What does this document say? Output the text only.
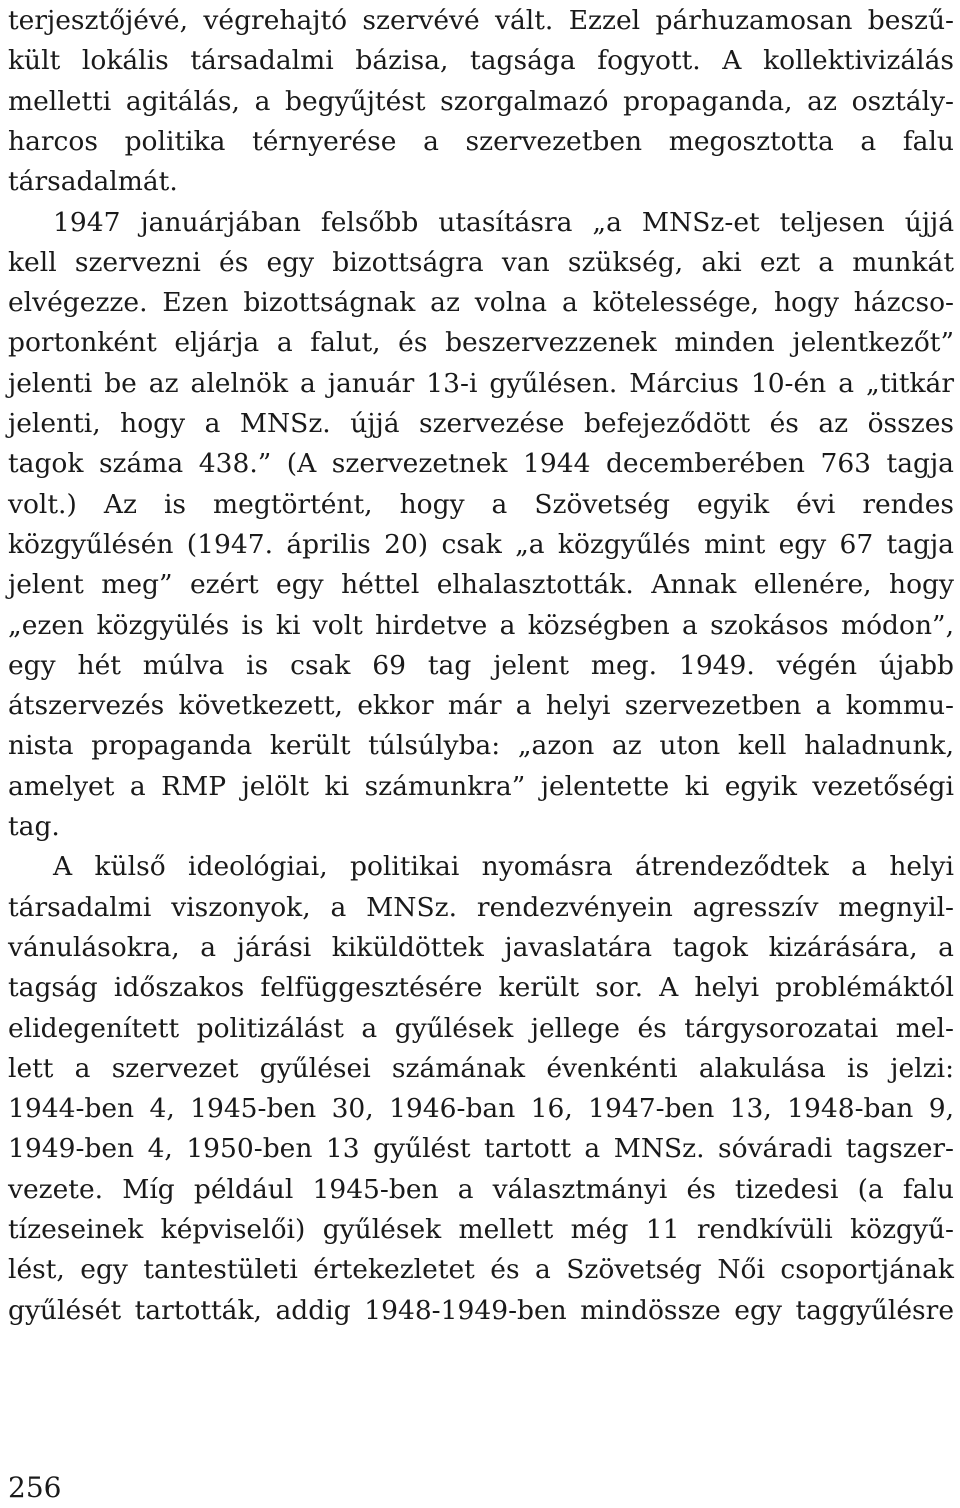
terjesztőjévé, végrehajtó szervévé vált. Ezzel párhuzamosan beszű-
kült lokális társadalmi bázisa, tagsága fogyott. A kollektivizálás
melletti agitálás, a begyűjtést szorgalmazó propaganda, az osztály-
harcos politika térnyerése a szervezetben megosztotta a falu
társadalmát.
1947 januárjában felsőbb utasításra „a MNSz-et teljesen újjá
kell szervezni és egy bizottságra van szükség, aki ezt a munkát
elvégezze. Ezen bizottságnak az volna a kötelessége, hogy házcso-
portonként eljárja a falut, és beszervezzenek minden jelentkezőt”
jelenti be az alelnök a január 13-i gyűlésen. Március 10-én a „titkár
jelenti, hogy a MNSz. újjá szervezése befejeződött és az összes
tagok száma 438.” (A szervezetnek 1944 decemberében 763 tagja
volt.) Az is megtörtént, hogy a Szövetség egyik évi rendes
közgyűlésén (1947. április 20) csak „a közgyűlés mint egy 67 tagja
jelent meg” ezért egy héttel elhalasztották. Annak ellenére, hogy
„ezen közgyülés is ki volt hirdetve a községben a szokásos módon”,
egy hét múlva is csak 69 tag jelent meg. 1949. végén újabb
átszervezés következett, ekkor már a helyi szervezetben a kommu-
nista propaganda került túlsúlyba: „azon az uton kell haladnunk,
amelyet a RMP jelölt ki számunkra” jelentette ki egyik vezetőségi
tag.
A külső ideológiai, politikai nyomásra átrendeződtek a helyi
társadalmi viszonyok, a MNSz. rendezvényein agresszív megnyil-
vánulásokra, a járási kiküldöttek javaslatára tagok kizárására, a
tagság időszakos felfüggesztésére került sor. A helyi problémáktól
elidegenített politizálást a gyűlések jellege és tárgysorozatai mel-
lett a szervezet gyűlései számának évenkénti alakulása is jelzi:
1944-ben 4, 1945-ben 30, 1946-ban 16, 1947-ben 13, 1948-ban 9,
1949-ben 4, 1950-ben 13 gyűlést tartott a MNSz. sóváradi tagszer-
vezete. Míg például 1945-ben a választmányi és tizedesi (a falu
tízeseinek képviselői) gyűlések mellett még 11 rendkívüli közgyű-
lést, egy tantestületi értekezletet és a Szövetség Női csoportjának
gyűlését tartották, addig 1948-1949-ben mindössze egy taggyűlésre
256
